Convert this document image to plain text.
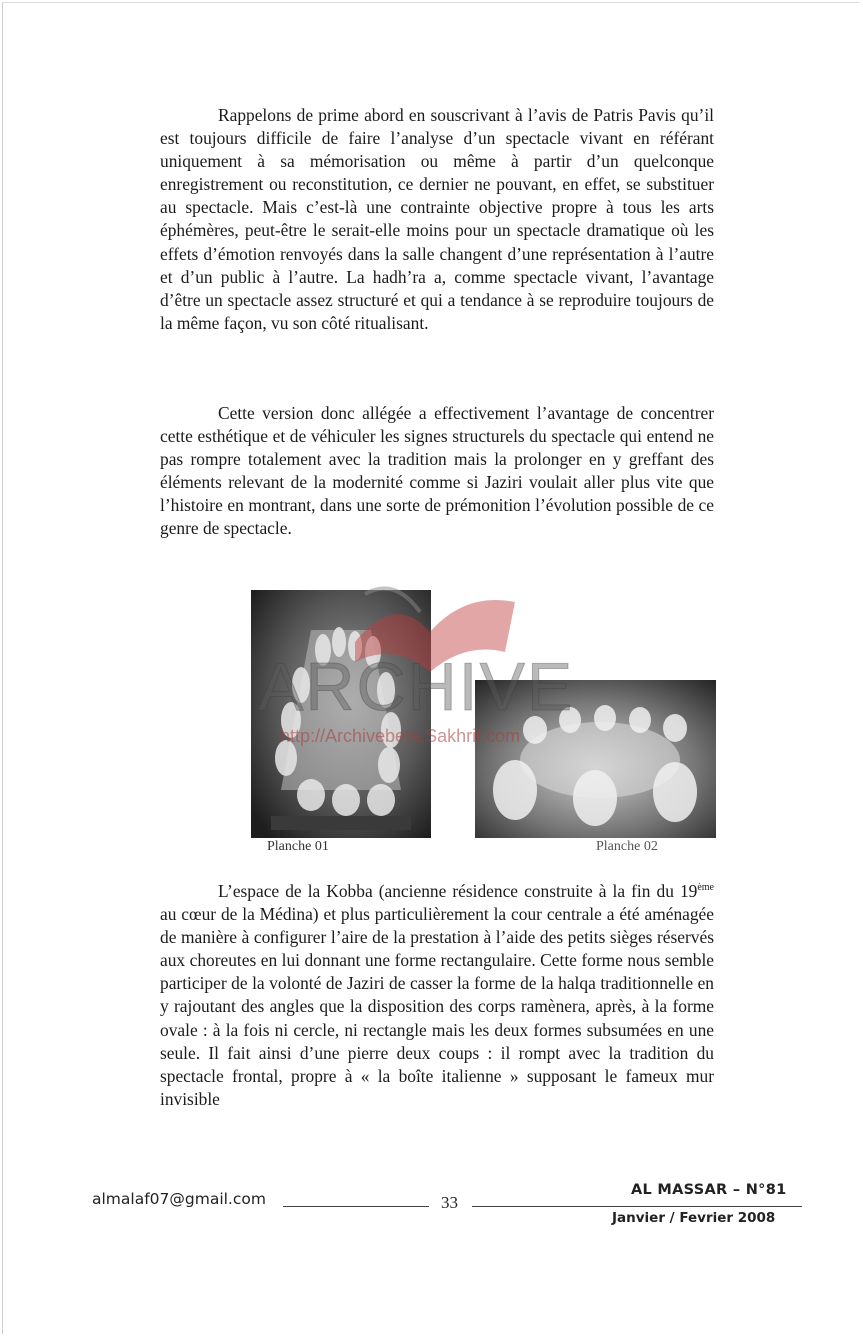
Rappelons de prime abord en souscrivant à l’avis de Patris Pavis qu’il est toujours difficile de faire l’analyse d’un spectacle vivant en référant uniquement à sa mémorisation ou même à partir d’un quelconque enregistrement ou reconstitution, ce dernier ne pouvant, en effet, se substituer au spectacle. Mais c’est-là une contrainte objective propre à tous les arts éphémères, peut-être le serait-elle moins pour un spectacle dramatique où les effets d’émotion renvoyés dans la salle changent d’une représentation à l’autre et d’un public à l’autre. La hadh’ra a, comme spectacle vivant, l’avantage d’être un spectacle assez structuré et qui a tendance à se reproduire toujours de la même façon, vu son côté ritualisant.

Cette version donc allégée a effectivement l’avantage de concentrer cette esthétique et de véhiculer les signes structurels du spectacle qui entend ne pas rompre totalement avec la tradition mais la prolonger en y greffant des éléments relevant de la modernité comme si Jaziri voulait aller plus vite que l’histoire en montrant, dans une sorte de prémonition l’évolution possible de ce genre de spectacle.

ARCHIVE
http://Archivebeta.Sakhrit.com
Planche 01	Planche 02

L’espace de la Kobba (ancienne résidence construite à la fin du 19ème au cœur de la Médina) et plus particulièrement la cour centrale a été aménagée de manière à configurer l’aire de la prestation à l’aide des petits sièges réservés aux choreutes en lui donnant une forme rectangulaire. Cette forme nous semble participer de la volonté de Jaziri de casser la forme de la halqa traditionnelle en y rajoutant des angles que la disposition des corps ramènera, après, à la forme ovale : à la fois ni cercle, ni rectangle mais les deux formes subsumées en une seule. Il fait ainsi d’une pierre deux coups : il rompt avec la tradition du spectacle frontal, propre à « la boîte italienne » supposant le fameux mur invisible

almalaf07@gmail.com	33
AL MASSAR – N°81
Janvier / Fevrier 2008
